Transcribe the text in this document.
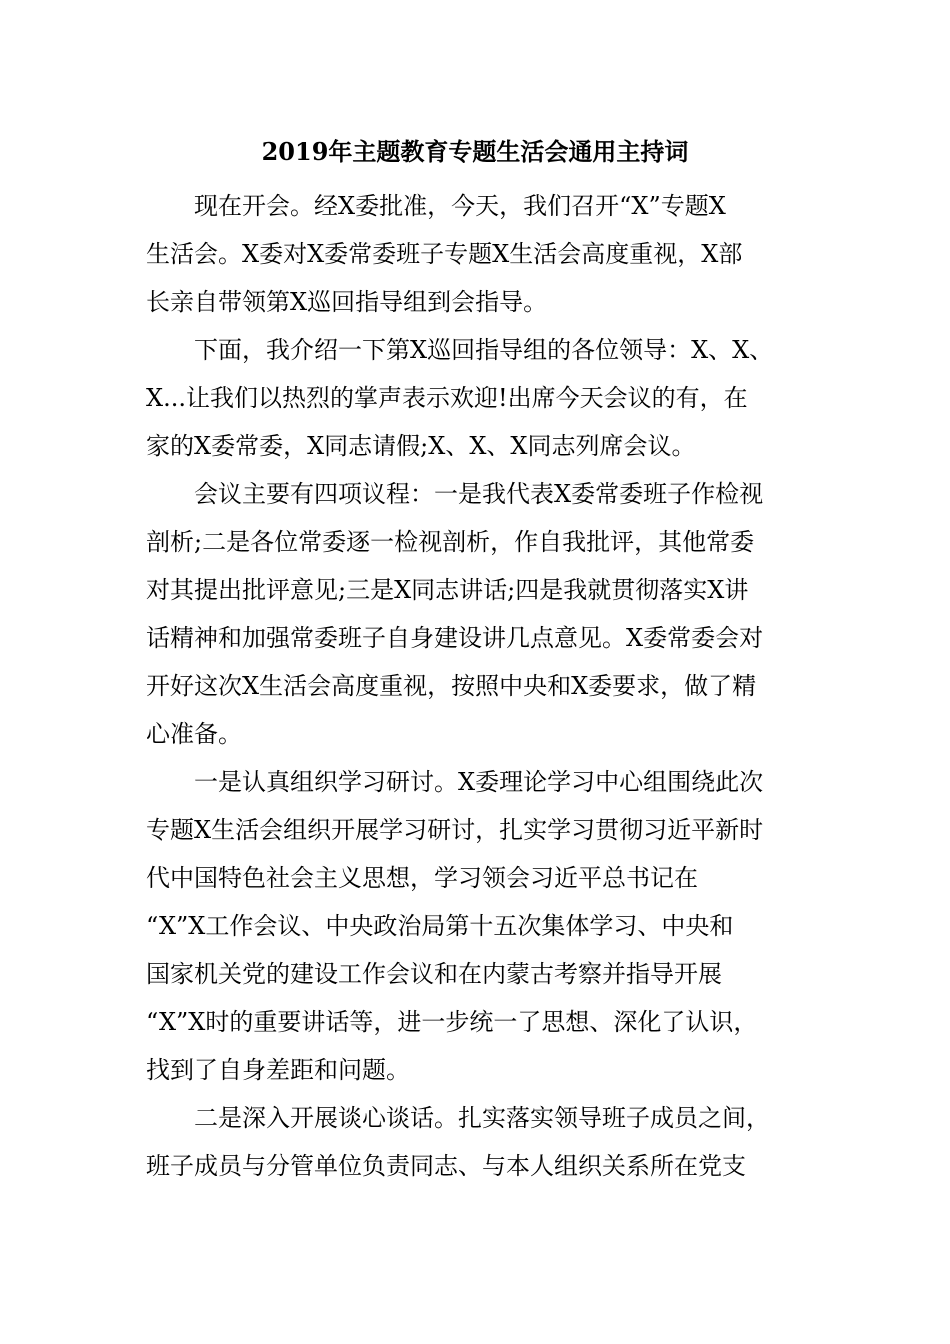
2019年主题教育专题生活会通用主持词

现在开会。经X委批准，今天，我们召开“X”专题X
生活会。X委对X委常委班子专题X生活会高度重视，X部
长亲自带领第X巡回指导组到会指导。

下面，我介绍一下第X巡回指导组的各位领导：X、X、
X...让我们以热烈的掌声表示欢迎!出席今天会议的有，在
家的X委常委，X同志请假;X、X、X同志列席会议。

会议主要有四项议程：一是我代表X委常委班子作检视
剖析;二是各位常委逐一检视剖析，作自我批评，其他常委
对其提出批评意见;三是X同志讲话;四是我就贯彻落实X讲
话精神和加强常委班子自身建设讲几点意见。X委常委会对
开好这次X生活会高度重视，按照中央和X委要求，做了精
心准备。

一是认真组织学习研讨。X委理论学习中心组围绕此次
专题X生活会组织开展学习研讨，扎实学习贯彻习近平新时
代中国特色社会主义思想，学习领会习近平总书记在
“X”X工作会议、中央政治局第十五次集体学习、中央和
国家机关党的建设工作会议和在内蒙古考察并指导开展
“X”X时的重要讲话等，进一步统一了思想、深化了认识，
找到了自身差距和问题。

二是深入开展谈心谈话。扎实落实领导班子成员之间，
班子成员与分管单位负责同志、与本人组织关系所在党支
